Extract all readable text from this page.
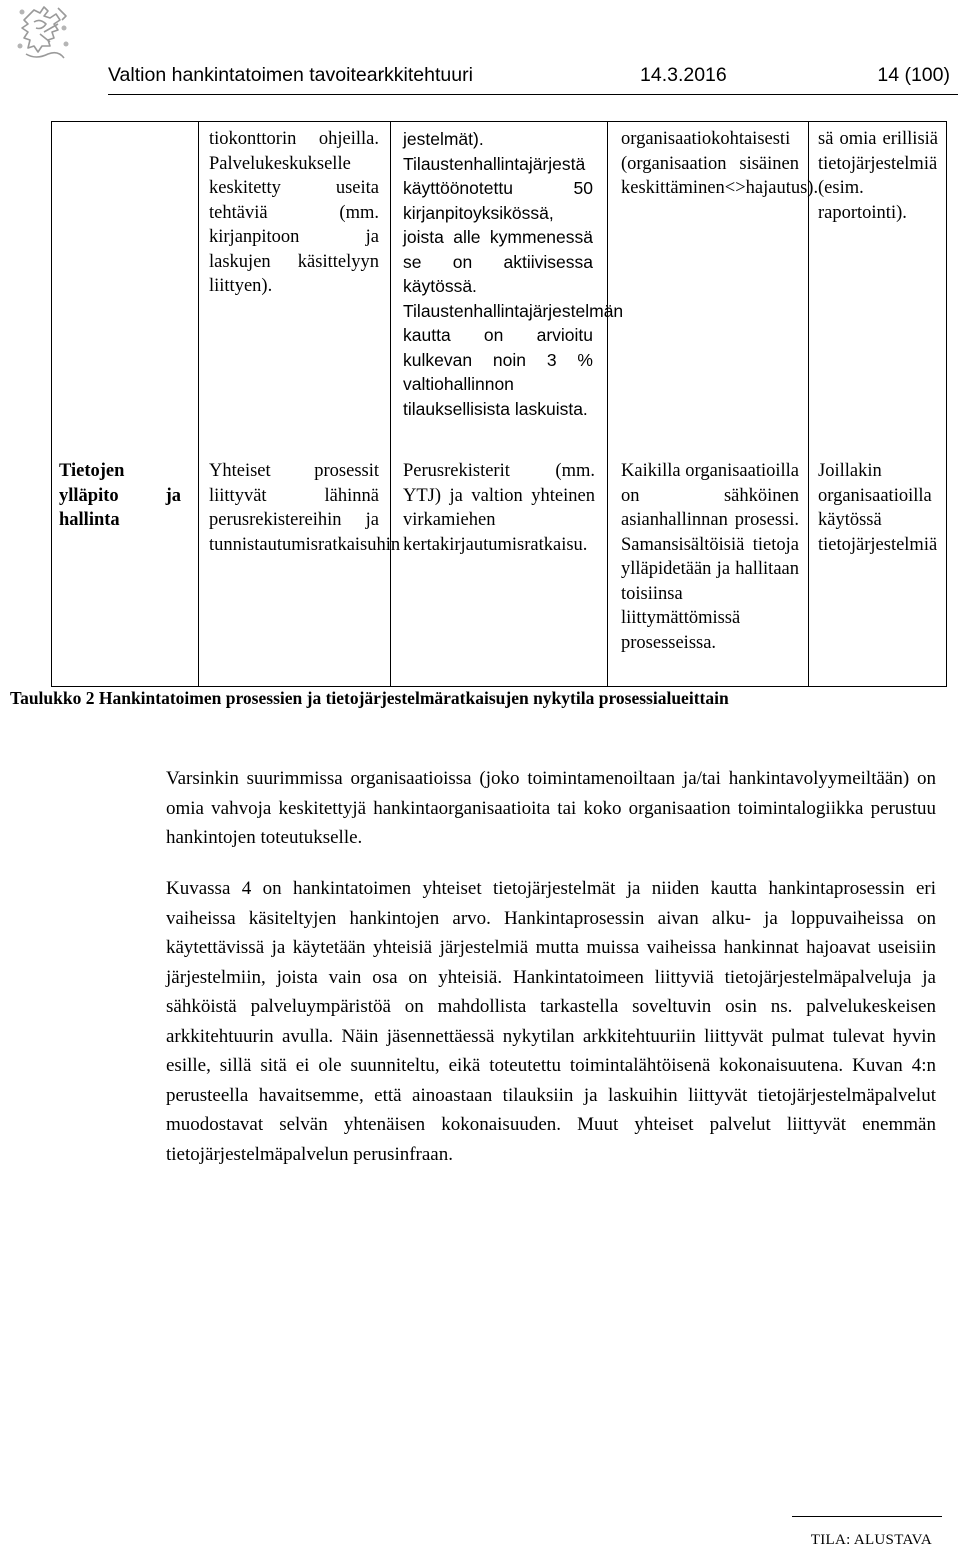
Valtion hankintatoimen tavoitearkkitehtuuri	14.3.2016	14 (100)
tiokonttorin ohjeilla. Palvelukeskukselle keskitetty useita tehtäviä (mm. kirjanpitoon ja laskujen käsittelyyn liittyen).
jestelmät). Tilaustenhallintajärjestä käyttöönotettu 50 kirjanpitoyksikössä, joista alle kymmenessä se on aktiivisessa käytössä. Tilaustenhallintajärjestelmän kautta on arvioitu kulkevan noin 3 % valtiohallinnon tilauksellisista laskuista.
organisaatiokohtaisesti (organisaation sisäinen keskittäminen<>hajautus).
sä omia erillisiä tietojärjestelmiä (esim. raportointi).
Tietojen ylläpito ja hallinta
Yhteiset prosessit liittyvät lähinnä perusrekistereihin ja tunnistautumisratkaisuhin
Perusrekisterit (mm. YTJ) ja valtion yhteinen virkamiehen kertakirjautumisratkaisu.
Kaikilla organisaatioilla on sähköinen asianhallinnan prosessi. Samansisältöisiä tietoja ylläpidetään ja hallitaan toisiinsa liittymättömissä prosesseissa.
Joillakin organisaatioilla käytössä tietojärjestelmiä
Taulukko 2 Hankintatoimen prosessien ja tietojärjestelmäratkaisujen nykytila prosessialueittain
Varsinkin suurimmissa organisaatioissa (joko toimintamenoiltaan ja/tai hankintavolyymeiltään) on omia vahvoja keskitettyjä hankintaorganisaatioita tai koko organisaation toimintalogiikka perustuu hankintojen toteutukselle.
Kuvassa 4 on hankintatoimen yhteiset tietojärjestelmät ja niiden kautta hankintaprosessin eri vaiheissa käsiteltyjen hankintojen arvo. Hankintaprosessin aivan alku- ja loppuvaiheissa on käytettävissä ja käytetään yhteisiä järjestelmiä mutta muissa vaiheissa hankinnat hajoavat useisiin järjestelmiin, joista vain osa on yhteisiä. Hankintatoimeen liittyviä tietojärjestelmäpalveluja ja sähköistä palveluympäristöä on mahdollista tarkastella soveltuvin osin ns. palvelukeskeisen arkkitehtuurin avulla. Näin jäsennettäessä nykytilan arkkitehtuuriin liittyvät pulmat tulevat hyvin esille, sillä sitä ei ole suunniteltu, eikä toteutettu toimintalähtöisenä kokonaisuutena. Kuvan 4:n perusteella havaitsemme, että ainoastaan tilauksiin ja laskuihin liittyvät tietojärjestelmäpalvelut muodostavat selvän yhtenäisen kokonaisuuden. Muut yhteiset palvelut liittyvät enemmän tietojärjestelmäpalvelun perusinfraan.
TILA: ALUSTAVA
